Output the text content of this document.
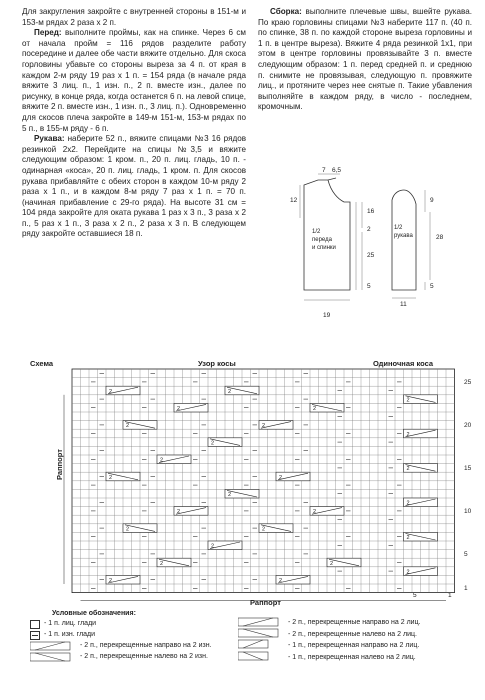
Для закругления закройте с внутренней стороны в 151-м и 153-м рядах 2 раза х 2 п.

Перед: выполните проймы, как на спинке. Через 6 см от начала пройм = 116 рядов разделите работу посередине и далее обе части вяжите отдельно. Для скоса горловины убавьте со стороны выреза за 4 п. от края в каждом 2-м ряду 19 раз х 1 п. = 154 ряда (в начале ряда вяжите 3 лиц. п., 1 изн. п., 2 п. вместе изн., далее по рисунку, в конце ряда, когда останется 6 п. на левой спице, вяжите 2 п. вместе изн., 1 изн. п., 3 лиц. п.). Одновременно для скосов плеча закройте в 149-м 151-м, 153-м рядах по 5 п., в 155-м ряду - 6 п.

Рукава: наберите 52 п., вяжите спицами №3 16 рядов резинкой 2х2. Перейдите на спицы №3,5 и вяжите следующим образом: 1 кром. п., 20 п. лиц. гладь, 10 п. - одинарная «коса», 20 п. лиц. гладь, 1 кром. п. Для скосов рукава прибавляйте с обеих сторон в каждом 10-м ряду 2 раза х 1 п., и в каждом 8-м ряду 7 раз х 1 п. = 70 п. (начиная прибавление с 29-го ряда). На высоте 31 см = 104 ряда закройте для оката рукава 1 раз х 3 п., 3 раза х 2 п., 5 раз х 1 п., 3 раза х 2 п., 2 раза х 3 п. В следующем ряду закройте оставшиеся 18 п.

Сборка: выполните плечевые швы, вшейте рукава. По краю горловины спицами №3 наберите 117 п. (40 п. по спинке, 38 п. по каждой стороне выреза горловины и 1 п. в центре выреза). Вяжите 4 ряда резинкой 1х1, при этом в центре горловины провязывайте 3 п. вместе следующим образом: 1 п. перед средней п. и среднюю п. снимите не провязывая, следующую п. провяжите лиц., и протяните через нее снятые п. Такие убавления выполняйте в каждом ряду, в число - последнем, кромочным.

7 6,5
12
16
2
25
5
19
9
28
5
11
1/2
переда
и спинки
1/2
рукава
Схема	Узор косы	Одиночная коса
Раппорт
Раппорт
2
2
2
2
2
2
2
2
2
2
2
2
2
2
2
2
2
2
2
2
2
2
2
2
2
2
25
20
15
10
5
1
1
5
Условные обозначения:
- 1 п. лиц. глади
- 1 п. изн. глади
- 2 п., перекрещенные направо на 2 изн.
- 2 п., перекрещенные налево на 2 изн.
- 2 п., перекрещенные направо на 2 лиц.
- 2 п., перекрещенные налево на 2 лиц.
- 1 п., перекрещенная направо на 2 лиц.
- 1 п., перекрещенная налево на 2 лиц.
